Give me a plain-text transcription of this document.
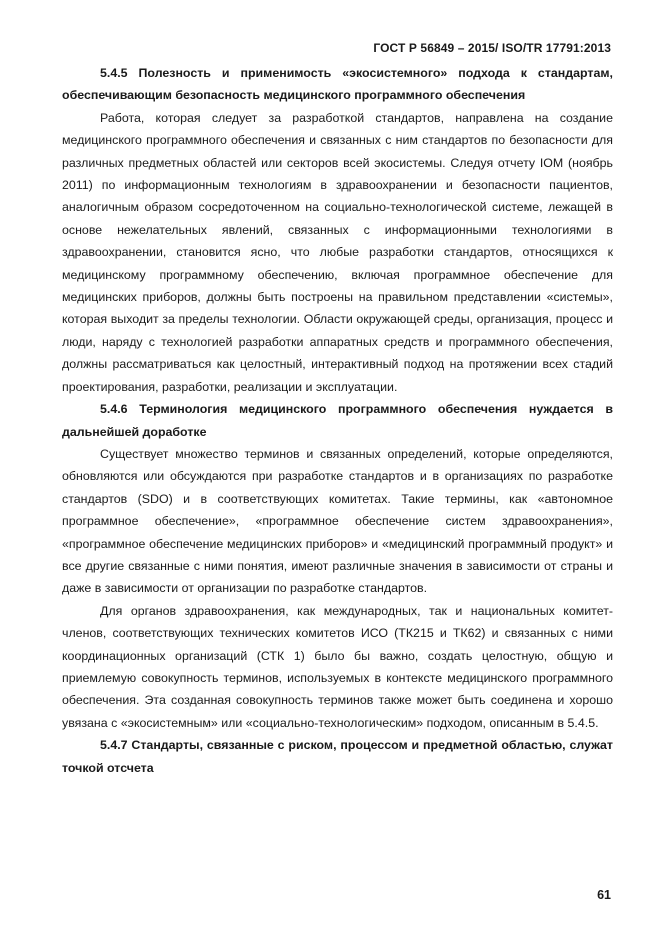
ГОСТ Р 56849 – 2015/ ISO/TR 17791:2013

5.4.5 Полезность и применимость «экосистемного» подхода к стандартам, обеспечивающим безопасность медицинского программного обеспечения

Работа, которая следует за разработкой стандартов, направлена на создание медицинского программного обеспечения и связанных с ним стандартов по безопасности для различных предметных областей или секторов всей экосистемы. Следуя отчету IOM (ноябрь 2011) по информационным технологиям в здравоохранении и безопасности пациентов, аналогичным образом сосредоточенном на социально-технологической системе, лежащей в основе нежелательных явлений, связанных с информационными технологиями в здравоохранении, становится ясно, что любые разработки стандартов, относящихся к медицинскому программному обеспечению, включая программное обеспечение для медицинских приборов, должны быть построены на правильном представлении «системы», которая выходит за пределы технологии. Области окружающей среды, организация, процесс и люди, наряду с технологией разработки аппаратных средств и программного обеспечения, должны рассматриваться как целостный, интерактивный подход на протяжении всех стадий проектирования, разработки, реализации и эксплуатации.

5.4.6 Терминология медицинского программного обеспечения нуждается в дальнейшей доработке

Существует множество терминов и связанных определений, которые определяются, обновляются или обсуждаются при разработке стандартов и в организациях по разработке стандартов (SDO) и в соответствующих комитетах. Такие термины, как «автономное программное обеспечение», «программное обеспечение систем здравоохранения», «программное обеспечение медицинских приборов» и «медицинский программный продукт» и все другие связанные с ними понятия, имеют различные значения в зависимости от страны и даже в зависимости от организации по разработке стандартов.

Для органов здравоохранения, как международных, так и национальных комитет-членов, соответствующих технических комитетов ИСО (ТК215 и ТК62) и связанных с ними координационных организаций (СТК 1) было бы важно, создать целостную, общую и приемлемую совокупность терминов, используемых в контексте медицинского программного обеспечения. Эта созданная совокупность терминов также может быть соединена и хорошо увязана с «экосистемным» или «социально-технологическим» подходом, описанным в 5.4.5.

5.4.7 Стандарты, связанные с риском, процессом и предметной областью, служат точкой отсчета

61
